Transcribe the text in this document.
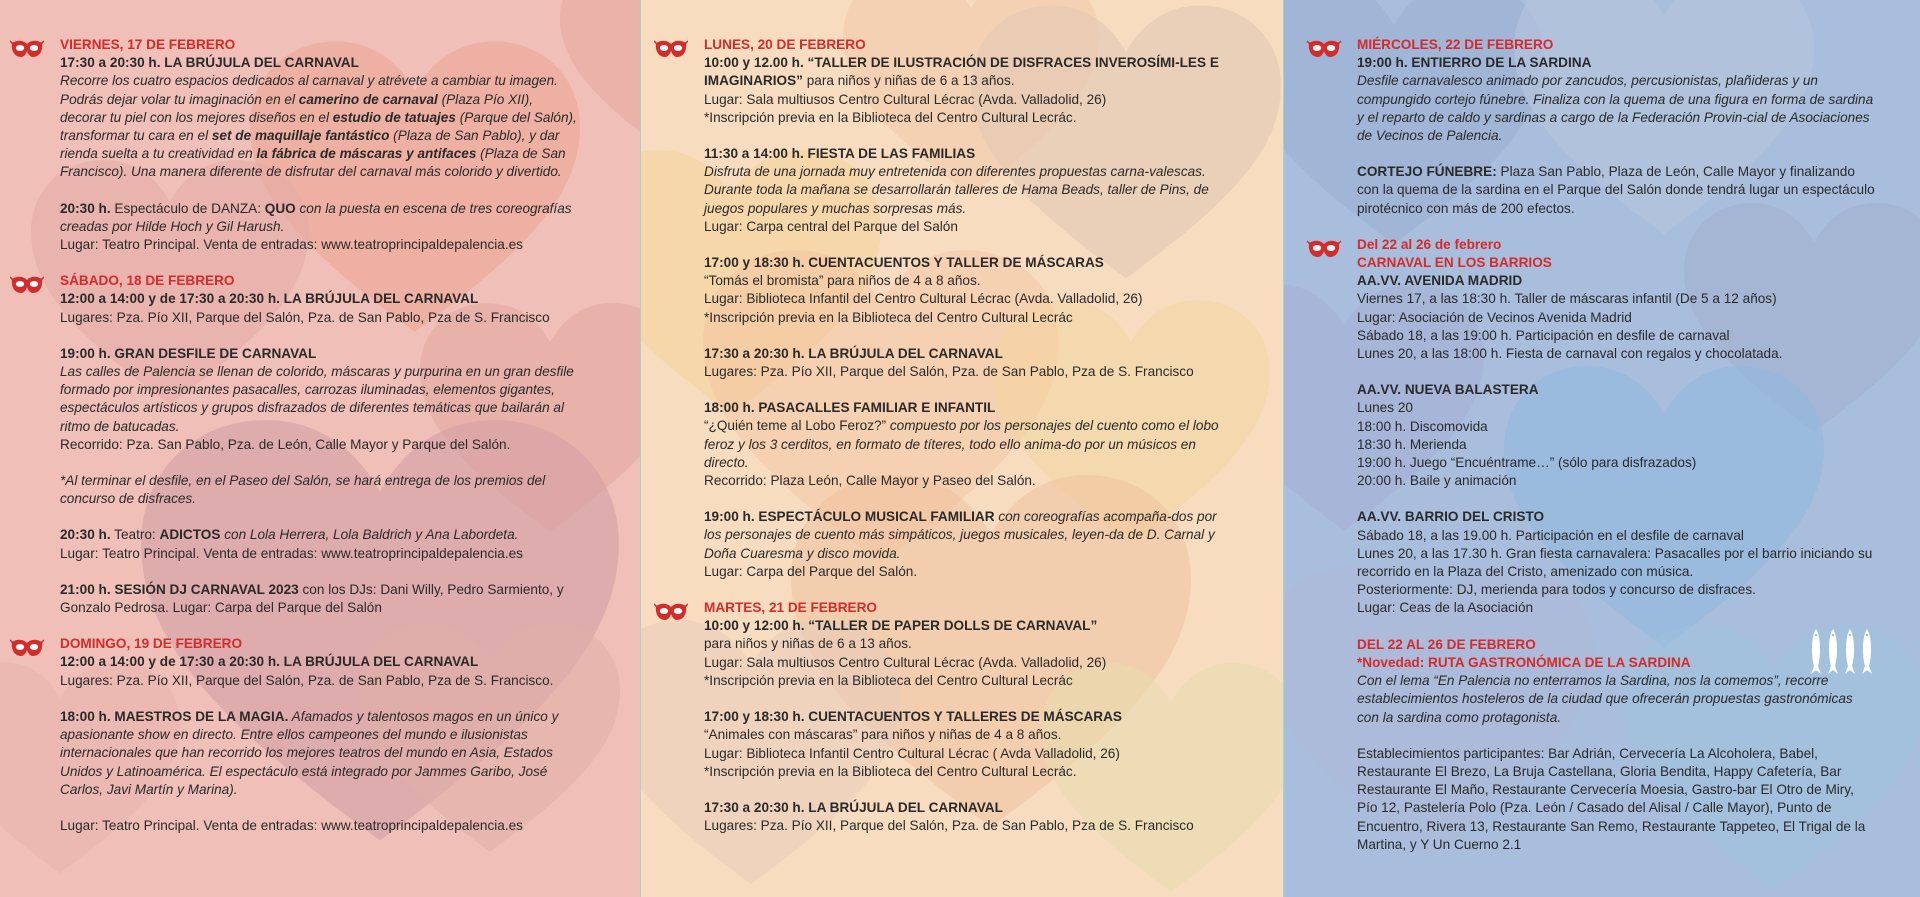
VIERNES, 17 DE FEBRERO
17:30 a 20:30 h. LA BRÚJULA DEL CARNAVAL

Recorre los cuatro espacios dedicados al carnaval y atrévete a cambiar tu imagen. Podrás dejar volar tu imaginación en el camerino de carnaval (Plaza Pío XII), decorar tu piel con los mejores diseños en el estudio de tatuajes (Parque del Salón), transformar tu cara en el set de maquillaje fantástico (Plaza de San Pablo), y dar rienda suelta a tu creatividad en la fábrica de máscaras y antifaces (Plaza de San Francisco). Una manera diferente de disfrutar del carnaval más colorido y divertido.

20:30 h. Espectáculo de DANZA: QUO con la puesta en escena de tres coreografías creadas por Hilde Hoch y Gil Harush.

Lugar: Teatro Principal. Venta de entradas: www.teatroprincipaldepalencia.es
SÁBADO, 18 DE FEBRERO
12:00 a 14:00 y de 17:30 a 20:30 h. LA BRÚJULA DEL CARNAVAL
Lugares: Pza. Pío XII, Parque del Salón, Pza. de San Pablo, Pza de S. Francisco
19:00 h. GRAN DESFILE DE CARNAVAL

Las calles de Palencia se llenan de colorido, máscaras y purpurina en un gran desfile formado por impresionantes pasacalles, carrozas iluminadas, elementos gigantes, espectáculos artísticos y grupos disfrazados de diferentes temáticas que bailarán al ritmo de batucadas.

Recorrido: Pza. San Pablo, Pza. de León, Calle Mayor y Parque del Salón.

*Al terminar el desfile, en el Paseo del Salón, se hará entrega de los premios del concurso de disfraces.

20:30 h. Teatro: ADICTOS con Lola Herrera, Lola Baldrich y Ana Labordeta.

Lugar: Teatro Principal. Venta de entradas: www.teatroprincipaldepalencia.es

21:00 h. SESIÓN DJ CARNAVAL 2023 con los DJs: Dani Willy, Pedro Sarmiento, y Gonzalo Pedrosa. Lugar: Carpa del Parque del Salón

DOMINGO, 19 DE FEBRERO
12:00 a 14:00 y de 17:30 a 20:30 h. LA BRÚJULA DEL CARNAVAL
Lugares: Pza. Pío XII, Parque del Salón, Pza. de San Pablo, Pza de S. Francisco.

18:00 h. MAESTROS DE LA MAGIA. Afamados y talentosos magos en un único y apasionante show en directo. Entre ellos campeones del mundo e ilusionistas internacionales que han recorrido los mejores teatros del mundo en Asia, Estados Unidos y Latinoamérica. El espectáculo está integrado por Jammes Garibo, José Carlos, Javi Martín y Marina).

Lugar: Teatro Principal. Venta de entradas: www.teatroprincipaldepalencia.es
LUNES, 20 DE FEBRERO

10:00 y 12.00 h. “TALLER DE ILUSTRACIÓN DE DISFRACES INVEROSÍMI-LES E IMAGINARIOS” para niños y niñas de 6 a 13 años.

Lugar: Sala multiusos Centro Cultural Lécrac (Avda. Valladolid, 26)
*Inscripción previa en la Biblioteca del Centro Cultural Lecrác.
11:30 a 14:00 h. FIESTA DE LAS FAMILIAS

Disfruta de una jornada muy entretenida con diferentes propuestas carna-valescas. Durante toda la mañana se desarrollarán talleres de Hama Beads, taller de Pins, de juegos populares y muchas sorpresas más.

Lugar: Carpa central del Parque del Salón
17:00 y 18:30 h. CUENTACUENTOS Y TALLER DE MÁSCARAS
“Tomás el bromista” para niños de 4 a 8 años.
Lugar: Biblioteca Infantil del Centro Cultural Lécrac (Avda. Valladolid, 26)
*Inscripción previa en la Biblioteca del Centro Cultural Lecrác
17:30 a 20:30 h. LA BRÚJULA DEL CARNAVAL
Lugares: Pza. Pío XII, Parque del Salón, Pza. de San Pablo, Pza de S. Francisco
18:00 h. PASACALLES FAMILIAR E INFANTIL

“¿Quién teme al Lobo Feroz?” compuesto por los personajes del cuento como el lobo feroz y los 3 cerditos, en formato de títeres, todo ello anima-do por un músicos en directo.

Recorrido: Plaza León, Calle Mayor y Paseo del Salón.

19:00 h. ESPECTÁCULO MUSICAL FAMILIAR con coreografías acompaña-dos por los personajes de cuento más simpáticos, juegos musicales, leyen-da de D. Carnal y Doña Cuaresma y disco movida.

Lugar: Carpa del Parque del Salón.
MARTES, 21 DE FEBRERO
10:00 y 12:00 h. “TALLER DE PAPER DOLLS DE CARNAVAL”
para niños y niñas de 6 a 13 años.
Lugar: Sala multiusos Centro Cultural Lécrac (Avda. Valladolid, 26)
*Inscripción previa en la Biblioteca del Centro Cultural Lecrác
17:00 y 18:30 h. CUENTACUENTOS Y TALLERES DE MÁSCARAS
“Animales con máscaras” para niños y niñas de 4 a 8 años.
Lugar: Biblioteca Infantil Centro Cultural Lécrac ( Avda Valladolid, 26)
*Inscripción previa en la Biblioteca del Centro Cultural Lecrác.
17:30 a 20:30 h. LA BRÚJULA DEL CARNAVAL
Lugares: Pza. Pío XII, Parque del Salón, Pza. de San Pablo, Pza de S. Francisco
MIÉRCOLES, 22 DE FEBRERO
19:00 h. ENTIERRO DE LA SARDINA

Desfile carnavalesco animado por zancudos, percusionistas, plañideras y un compungido cortejo fúnebre. Finaliza con la quema de una figura en forma de sardina y el reparto de caldo y sardinas a cargo de la Federación Provin-cial de Asociaciones de Vecinos de Palencia.

CORTEJO FÚNEBRE: Plaza San Pablo, Plaza de León, Calle Mayor y finalizando con la quema de la sardina en el Parque del Salón donde tendrá lugar un espectáculo pirotécnico con más de 200 efectos.

Del 22 al 26 de febrero
CARNAVAL EN LOS BARRIOS
AA.VV. AVENIDA MADRID
Viernes 17, a las 18:30 h. Taller de máscaras infantil (De 5 a 12 años)
Lugar: Asociación de Vecinos Avenida Madrid
Sábado 18, a las 19:00 h. Participación en desfile de carnaval
Lunes 20, a las 18:00 h. Fiesta de carnaval con regalos y chocolatada.
AA.VV. NUEVA BALASTERA
Lunes 20
18:00 h. Discomovida
18:30 h. Merienda
19:00 h. Juego “Encuéntrame…” (sólo para disfrazados)
20:00 h. Baile y animación
AA.VV. BARRIO DEL CRISTO
Sábado 18, a las 19.00 h. Participación en el desfile de carnaval
Lunes 20, a las 17.30 h. Gran fiesta carnavalera: Pasacalles por el barrio iniciando su recorrido en la Plaza del Cristo, amenizado con música.
Posteriormente: DJ, merienda para todos y concurso de disfraces.
Lugar: Ceas de la Asociación
DEL 22 AL 26 DE FEBRERO
*Novedad: RUTA GASTRONÓMICA DE LA SARDINA

Con el lema “En Palencia no enterramos la Sardina, nos la comemos”, recorre establecimientos hosteleros de la ciudad que ofrecerán propuestas gastronómicas con la sardina como protagonista.

Establecimientos participantes: Bar Adrián, Cervecería La Alcoholera, Babel, Restaurante El Brezo, La Bruja Castellana, Gloria Bendita, Happy Cafetería, Bar Restaurante El Maño, Restaurante Cervecería Moesia, Gastro-bar El Otro de Miry, Pío 12, Pastelería Polo (Pza. León / Casado del Alisal / Calle Mayor), Punto de Encuentro, Rivera 13, Restaurante San Remo, Restaurante Tappeteo, El Trigal de la Martina, y Y Un Cuerno 2.1
